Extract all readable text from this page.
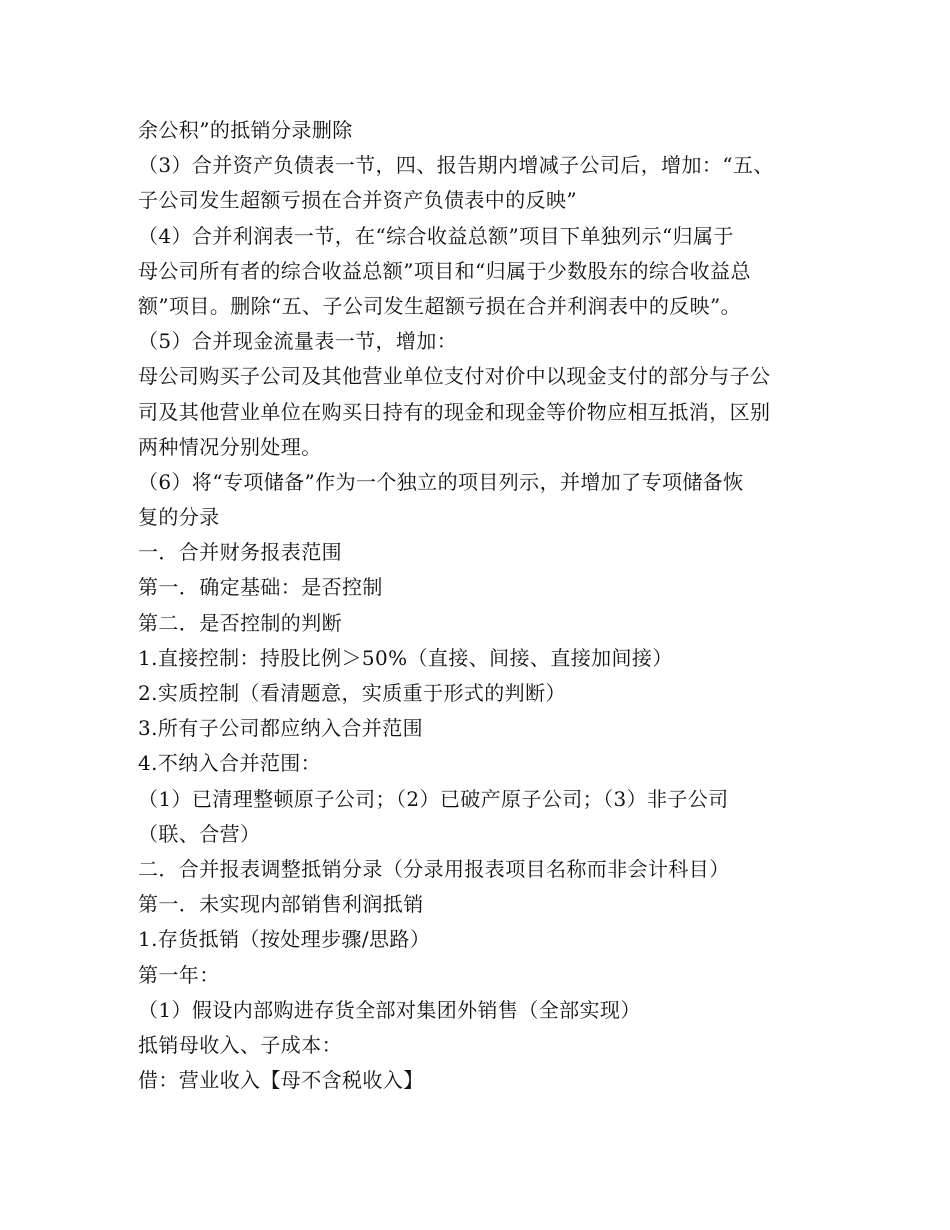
余公积”的抵销分录删除
（3）合并资产负债表一节，四、报告期内增减子公司后，增加：“五、
子公司发生超额亏损在合并资产负债表中的反映”
（4）合并利润表一节，在“综合收益总额”项目下单独列示“归属于
母公司所有者的综合收益总额”项目和“归属于少数股东的综合收益总
额”项目。删除“五、子公司发生超额亏损在合并利润表中的反映”。
（5）合并现金流量表一节，增加：
母公司购买子公司及其他营业单位支付对价中以现金支付的部分与子公
司及其他营业单位在购买日持有的现金和现金等价物应相互抵消，区别
两种情况分别处理。
（6）将“专项储备”作为一个独立的项目列示，并增加了专项储备恢
复的分录
一．合并财务报表范围
第一．确定基础：是否控制
第二．是否控制的判断
1.直接控制：持股比例＞50%（直接、间接、直接加间接）
2.实质控制（看清题意，实质重于形式的判断）
3.所有子公司都应纳入合并范围
4.不纳入合并范围：
（1）已清理整顿原子公司；（2）已破产原子公司；（3）非子公司
（联、合营）
二．合并报表调整抵销分录（分录用报表项目名称而非会计科目）
第一．未实现内部销售利润抵销
1.存货抵销（按处理步骤/思路）
第一年：
（1）假设内部购进存货全部对集团外销售（全部实现）
抵销母收入、子成本：
借：营业收入【母不含税收入】
